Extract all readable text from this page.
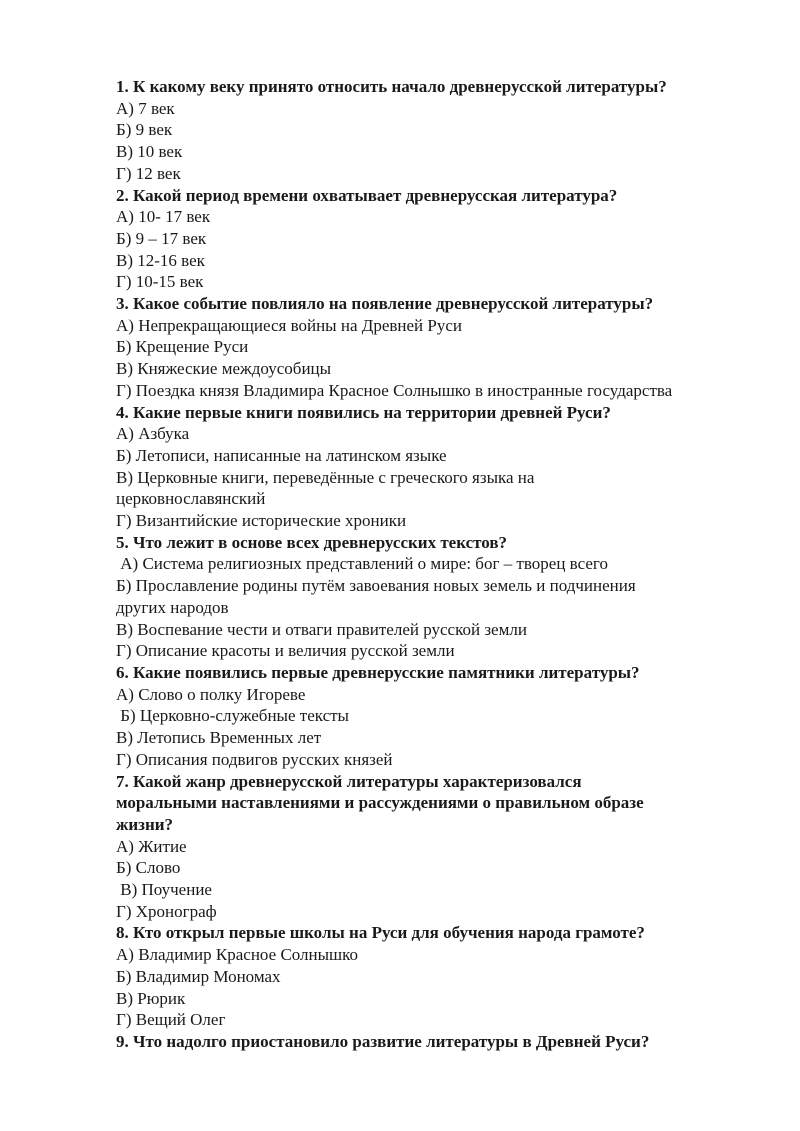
1. К какому веку принято относить начало древнерусской литературы?
А) 7 век
Б) 9 век
В) 10 век
Г) 12 век
2. Какой период времени охватывает древнерусская литература?
А) 10- 17 век
Б) 9 – 17 век
В) 12-16 век
Г) 10-15 век
3. Какое событие повлияло на появление древнерусской литературы?
А) Непрекращающиеся войны на Древней Руси
Б) Крещение Руси
В) Княжеские междоусобицы
Г) Поездка князя Владимира Красное Солнышко в иностранные государства
4. Какие первые книги появились на территории древней Руси?
А) Азбука
Б) Летописи, написанные на латинском языке
В) Церковные книги, переведённые с греческого языка на
церковнославянский
Г) Византийские исторические хроники
5. Что лежит в основе всех древнерусских текстов?
А) Система религиозных представлений о мире: бог – творец всего
Б) Прославление родины путём завоевания новых земель и подчинения
других народов
В) Воспевание чести и отваги правителей русской земли
Г) Описание красоты и величия русской земли
6. Какие появились первые древнерусские памятники литературы?
А) Слово о полку Игореве
Б) Церковно-служебные тексты
В) Летопись Временных лет
Г) Описания подвигов русских князей
7. Какой жанр древнерусской литературы характеризовался
моральными наставлениями и рассуждениями о правильном образе
жизни?
А) Житие
Б) Слово
В) Поучение
Г) Хронограф
8. Кто открыл первые школы на Руси для обучения народа грамоте?
А) Владимир Красное Солнышко
Б) Владимир Мономах
В) Рюрик
Г) Вещий Олег
9. Что надолго приостановило развитие литературы в Древней Руси?
